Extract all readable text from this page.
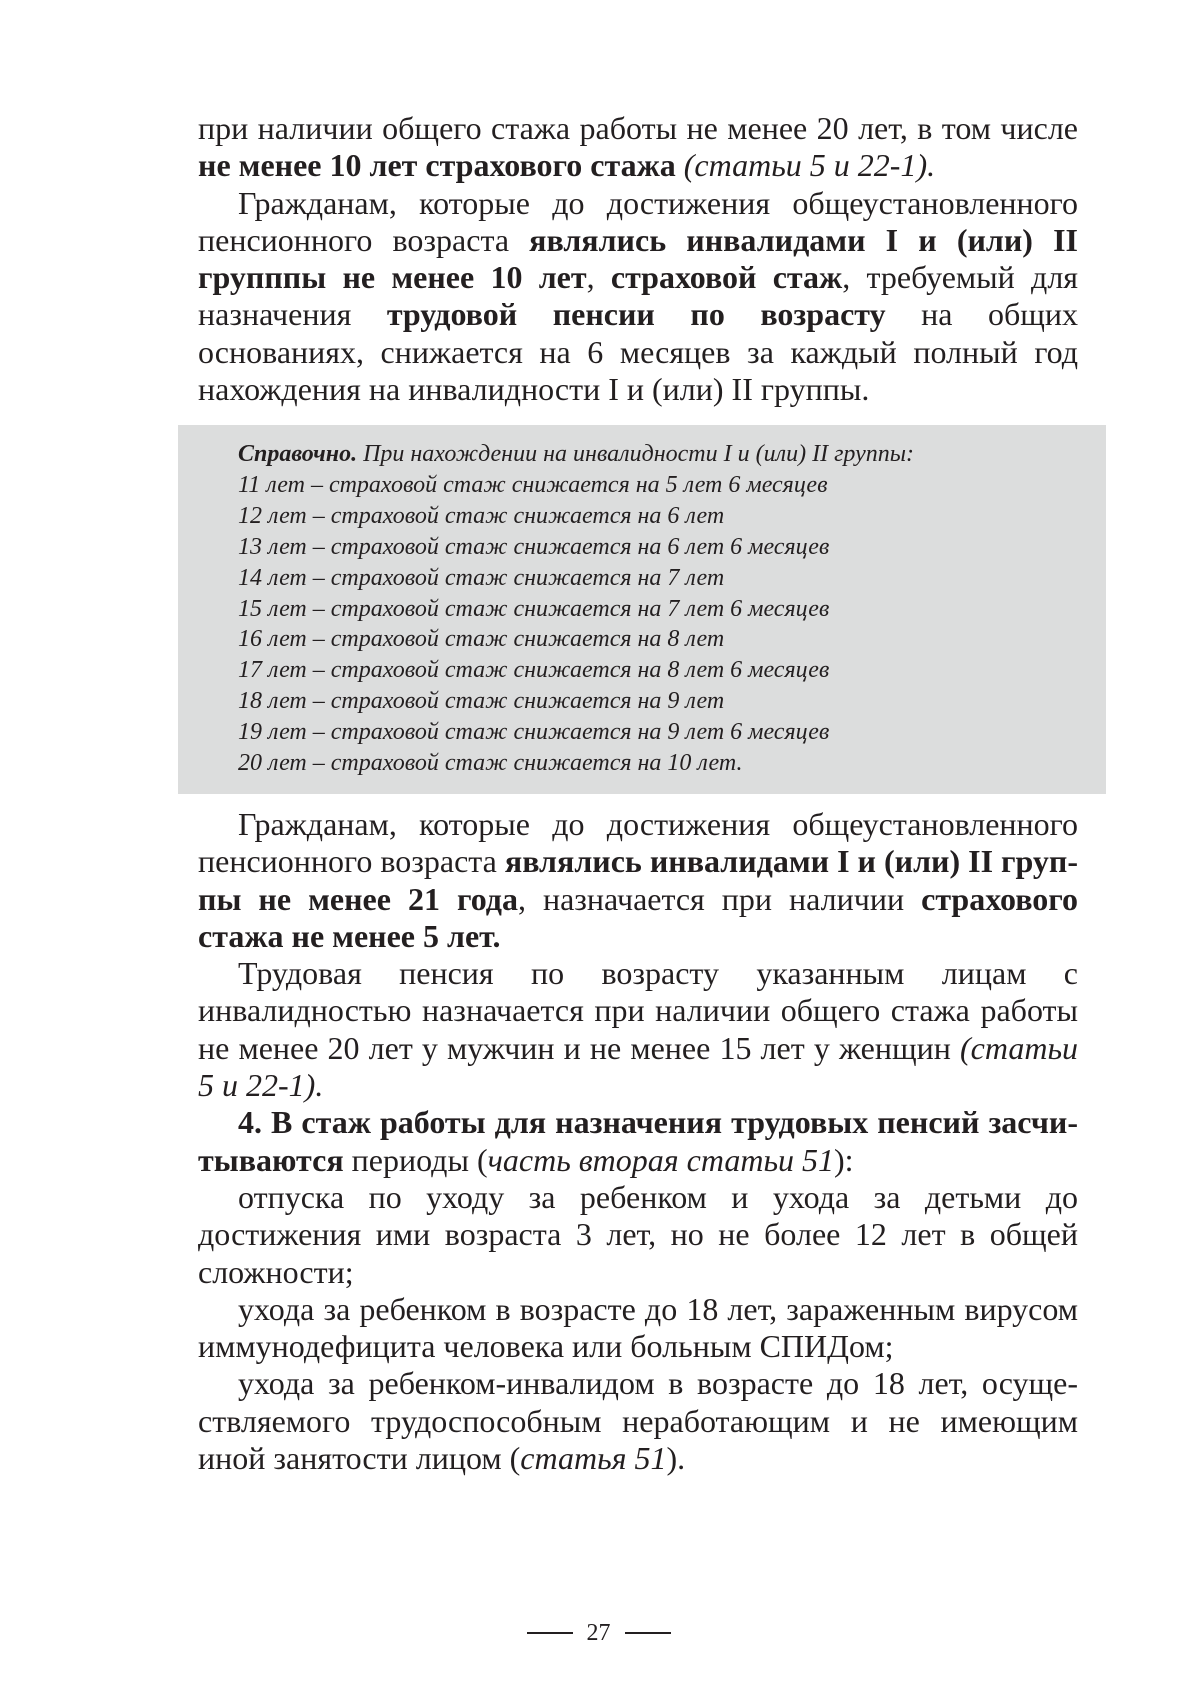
при наличии общего стажа работы не менее 20 лет, в том числе не менее 10 лет страхового стажа (статьи 5 и 22-1).

Гражданам, которые до достижения общеустановленного пенсионного возраста являлись инвалидами I и (или) II групппы не менее 10 лет, страховой стаж, требуемый для назначения трудовой пенсии по возрасту на общих основаниях, снижается на 6 месяцев за каждый полный год нахождения на инвалидности I и (или) II группы.

Справочно. При нахождении на инвалидности I и (или) II группы:

11 лет – страховой стаж снижается на 5 лет 6 месяцев

12 лет – страховой стаж снижается на 6 лет

13 лет – страховой стаж снижается на 6 лет 6 месяцев

14 лет – страховой стаж снижается на 7 лет

15 лет – страховой стаж снижается на 7 лет 6 месяцев

16 лет – страховой стаж снижается на 8 лет

17 лет – страховой стаж снижается на 8 лет 6 месяцев

18 лет – страховой стаж снижается на 9 лет

19 лет – страховой стаж снижается на 9 лет 6 месяцев

20 лет – страховой стаж снижается на 10 лет.

Гражданам, которые до достижения общеустановленного пенсионного возраста являлись инвалидами I и (или) II группы не менее 21 года, назначается при наличии страхового стажа не менее 5 лет.

Трудовая пенсия по возрасту указанным лицам с инвалидностью назначается при наличии общего стажа работы не менее 20 лет у мужчин и не менее 15 лет у женщин (статьи 5 и 22-1).

4. В стаж работы для назначения трудовых пенсий засчитываются периоды (часть вторая статьи 51):

отпуска по уходу за ребенком и ухода за детьми до достижения ими возраста 3 лет, но не более 12 лет в общей сложности;

ухода за ребенком в возрасте до 18 лет, зараженным вирусом иммунодефицита человека или больным СПИДом;

ухода за ребенком-инвалидом в возрасте до 18 лет, осуществляемого трудоспособным неработающим и не имеющим иной занятости лицом (статья 51).

27
